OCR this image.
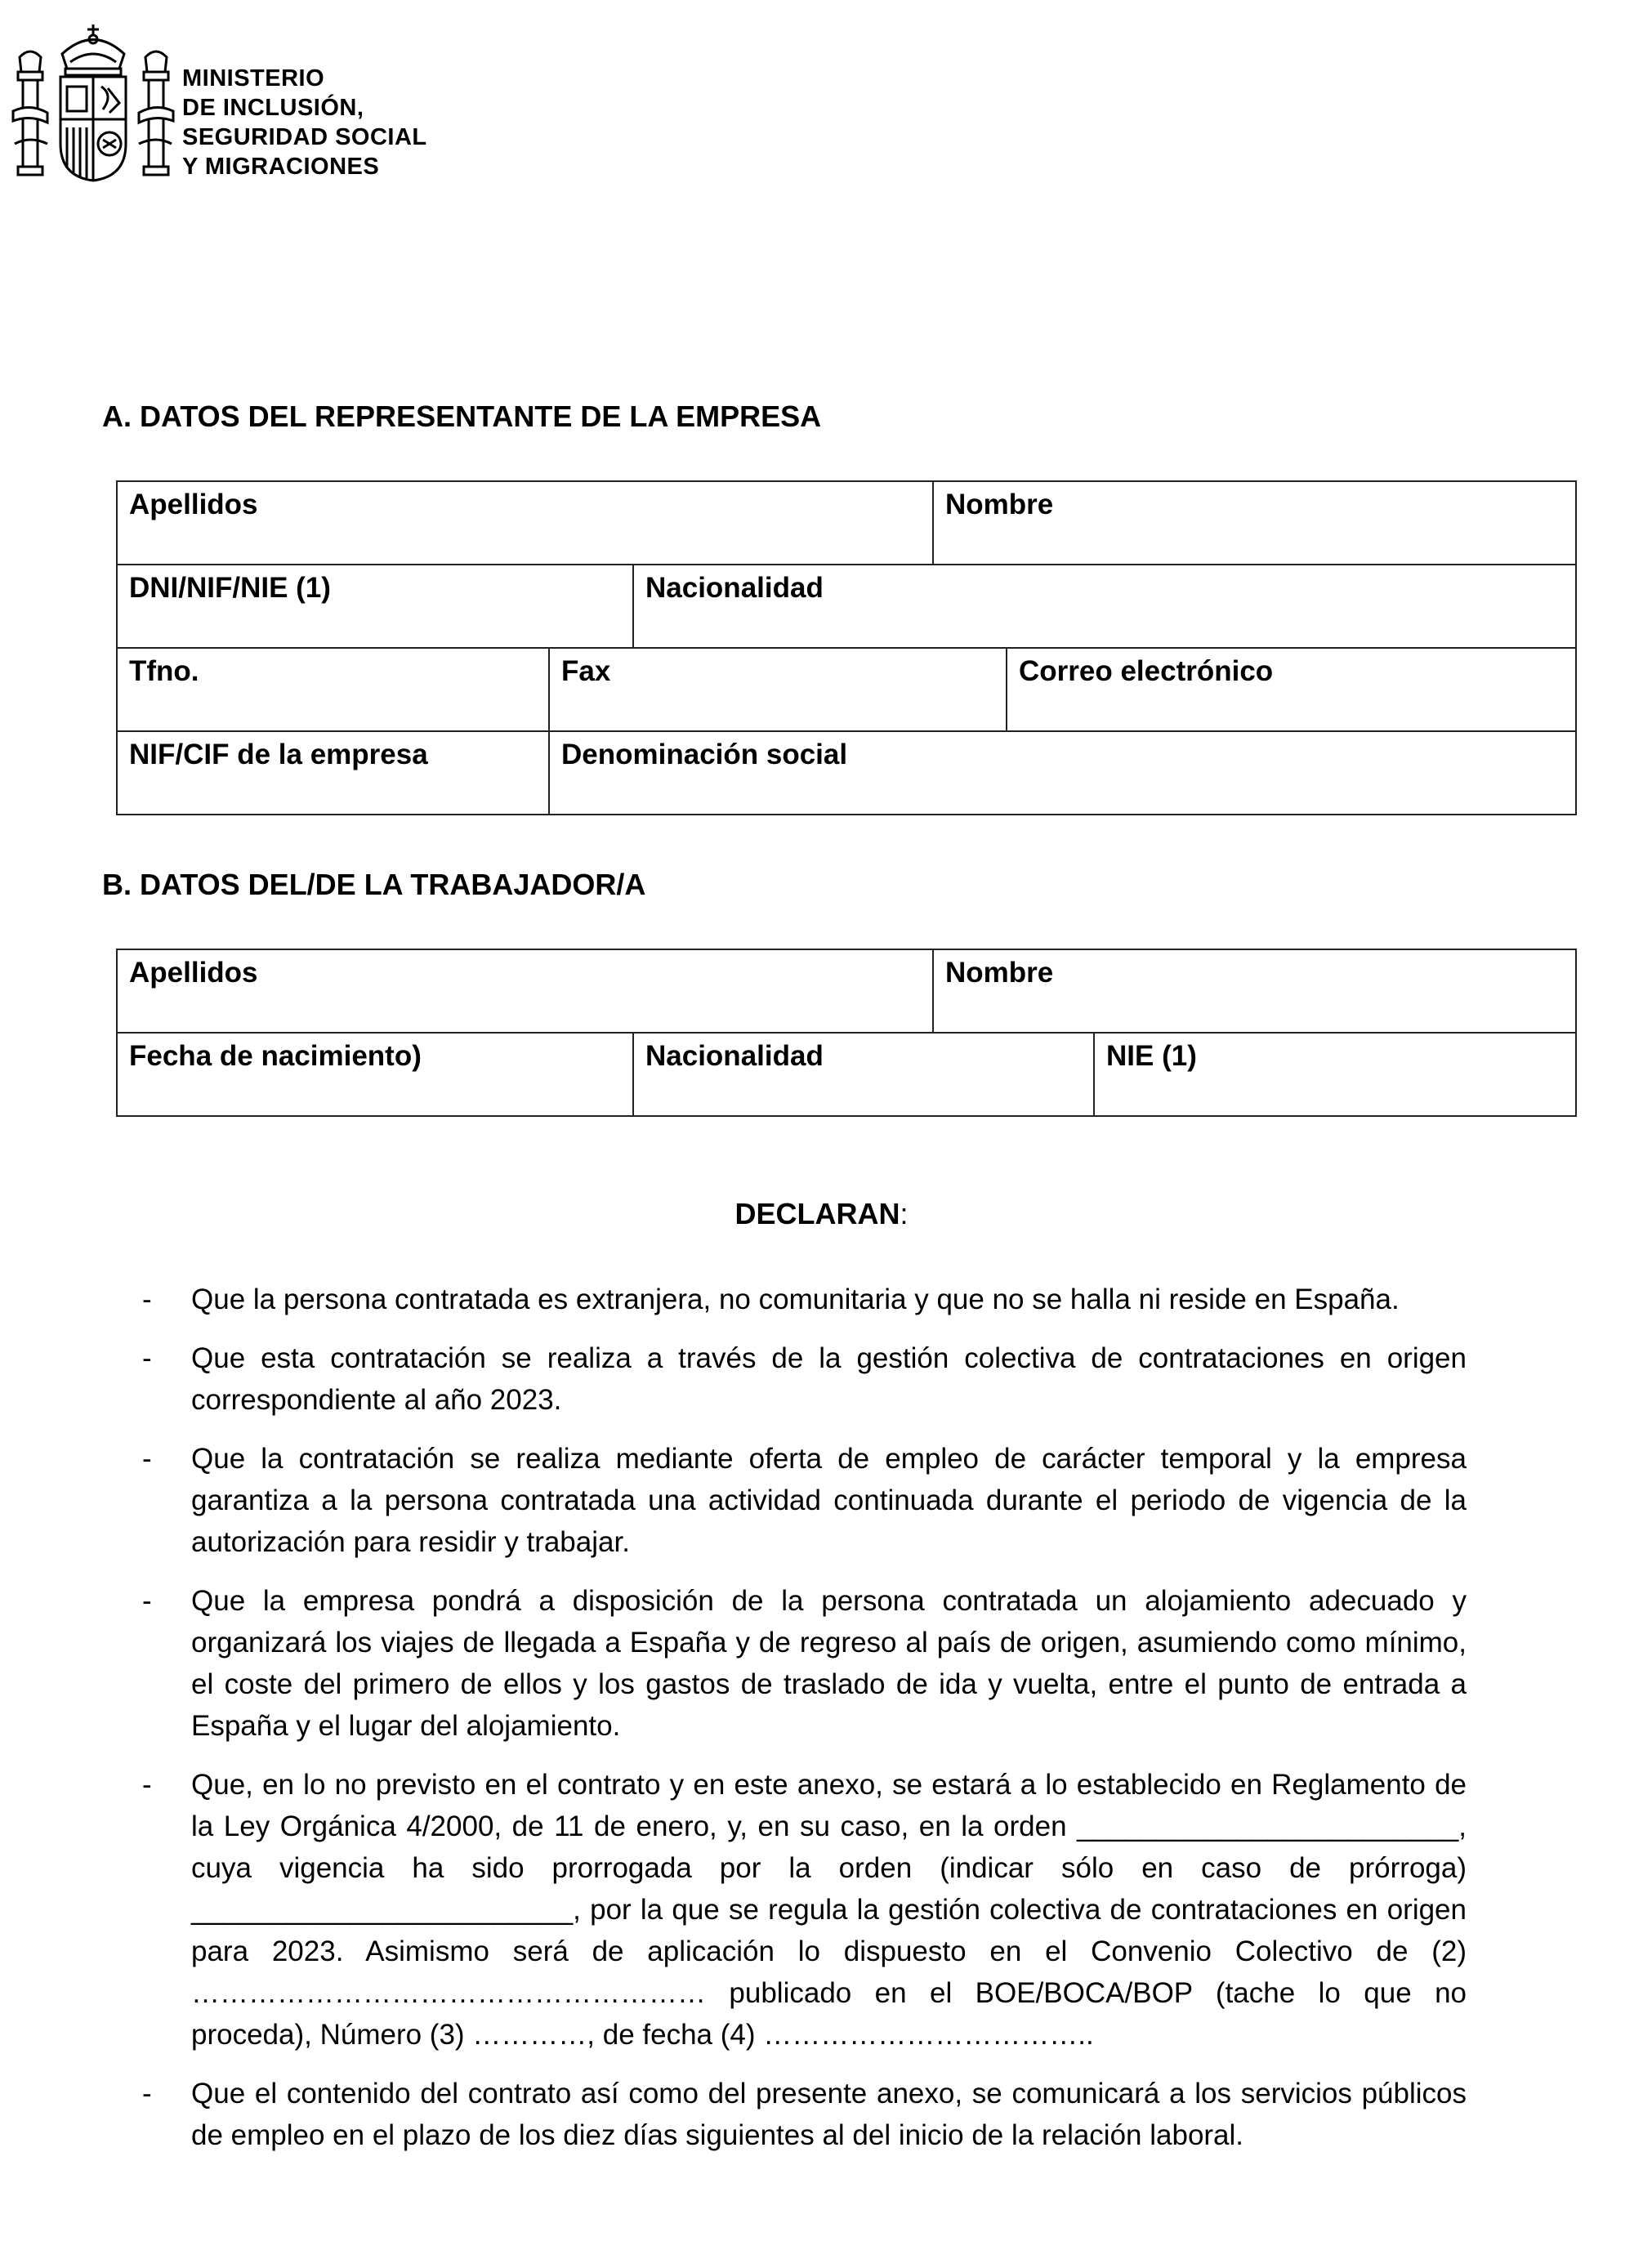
MINISTERIO
DE INCLUSIÓN,
SEGURIDAD SOCIAL
Y MIGRACIONES
A. DATOS DEL REPRESENTANTE DE LA EMPRESA
Apellidos			Nombre	
DNI/NIF/NIE (1)		Nacionalidad		
Tfno.	Fax			Correo electrónico
NIF/CIF de la empresa	Denominación social			
B. DATOS DEL/DE LA TRABAJADOR/A
Apellidos		Nombre	
Fecha de nacimiento)	Nacionalidad		NIE (1)
DECLARAN:
- Que la persona contratada es extranjera, no comunitaria y que no se halla ni reside en España.
- Que esta contratación se realiza a través de la gestión colectiva de contrataciones en origen correspondiente al año 2023.
- Que la contratación se realiza mediante oferta de empleo de carácter temporal y la empresa garantiza a la persona contratada una actividad continuada durante el periodo de vigencia de la autorización para residir y trabajar.
- Que la empresa pondrá a disposición de la persona contratada un alojamiento adecuado y organizará los viajes de llegada a España y de regreso al país de origen, asumiendo como mínimo, el coste del primero de ellos y los gastos de traslado de ida y vuelta, entre el punto de entrada a España y el lugar del alojamiento.
- Que, en lo no previsto en el contrato y en este anexo, se estará a lo establecido en Reglamento de la Ley Orgánica 4/2000, de 11 de enero, y, en su caso, en la orden ________________________, cuya vigencia ha sido prorrogada por la orden (indicar sólo en caso de prórroga) ________________________, por la que se regula la gestión colectiva de contrataciones en origen para 2023. Asimismo será de aplicación lo dispuesto en el Convenio Colectivo de (2) ……………………………………………… publicado en el BOE/BOCA/BOP (tache lo que no proceda), Número (3) …………, de fecha (4) ……………………………..
- Que el contenido del contrato así como del presente anexo, se comunicará a los servicios públicos de empleo en el plazo de los diez días siguientes al del inicio de la relación laboral.
